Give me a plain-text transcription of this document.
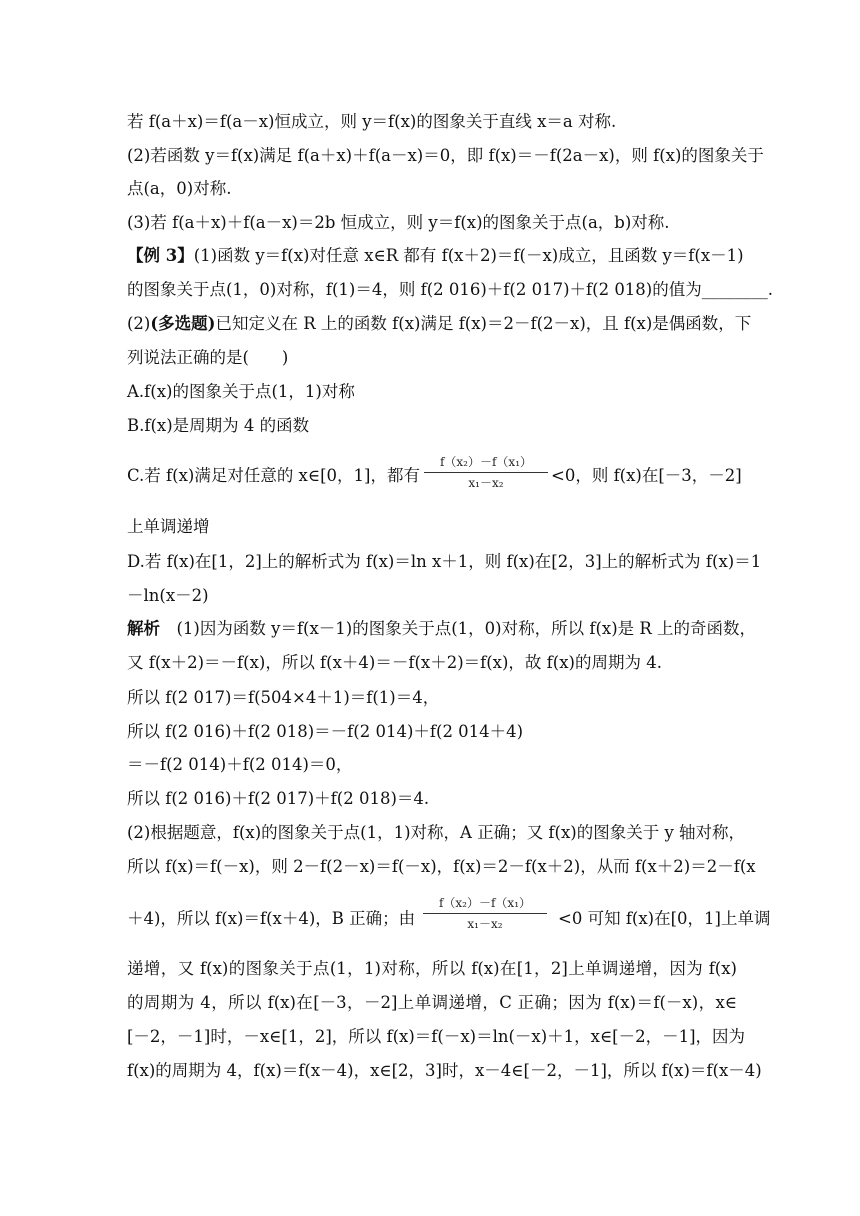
若 f(a＋x)＝f(a－x)恒成立，则 y＝f(x)的图象关于直线 x＝a 对称.

(2)若函数 y＝f(x)满足 f(a＋x)＋f(a－x)＝0，即 f(x)＝－f(2a－x)，则 f(x)的图象关于

点(a，0)对称.

(3)若 f(a＋x)＋f(a－x)＝2b 恒成立，则 y＝f(x)的图象关于点(a，b)对称.

【例 3】(1)函数 y＝f(x)对任意 x∈R 都有 f(x＋2)＝f(－x)成立，且函数 y＝f(x－1)

的图象关于点(1，0)对称，f(1)＝4，则 f(2 016)＋f(2 017)＋f(2 018)的值为________.

(2)(多选题)已知定义在 R 上的函数 f(x)满足 f(x)＝2－f(2－x)，且 f(x)是偶函数，下

列说法正确的是(　　)

A.f(x)的图象关于点(1，1)对称

B.f(x)是周期为 4 的函数

C.若 f(x)满足对任意的 x∈[0，1]，都有

f（x₂）－f（x₁）
x₁－x₂	<0，则 f(x)在[－3，－2]

上单调递增

D.若 f(x)在[1，2]上的解析式为 f(x)＝ln x＋1，则 f(x)在[2，3]上的解析式为 f(x)＝1

－ln(x－2)

解析　 (1)因为函数 y＝f(x－1)的图象关于点(1，0)对称，所以 f(x)是 R 上的奇函数，

又 f(x＋2)＝－f(x)，所以 f(x＋4)＝－f(x＋2)＝f(x)，故 f(x)的周期为 4.

所以 f(2 017)＝f(504×4＋1)＝f(1)＝4，

所以 f(2 016)＋f(2 018)＝－f(2 014)＋f(2 014＋4)

＝－f(2 014)＋f(2 014)＝0，

所以 f(2 016)＋f(2 017)＋f(2 018)＝4.

(2)根据题意，f(x)的图象关于点(1，1)对称，A 正确；又 f(x)的图象关于 y 轴对称，

所以 f(x)＝f(－x)，则 2－f(2－x)＝f(－x)，f(x)＝2－f(x＋2)，从而 f(x＋2)＝2－f(x

＋4)，所以 f(x)＝f(x＋4)，B 正确；由

f（x₂）－f（x₁）
x₁－x₂	<0 可知 f(x)在[0，1]上单调

递增，又 f(x)的图象关于点(1，1)对称，所以 f(x)在[1，2]上单调递增，因为 f(x)

的周期为 4，所以 f(x)在[－3，－2]上单调递增，C 正确；因为 f(x)＝f(－x)，x∈

[－2，－1]时，－x∈[1，2]，所以 f(x)＝f(－x)＝ln(－x)＋1，x∈[－2，－1]，因为

f(x)的周期为 4，f(x)＝f(x－4)，x∈[2，3]时，x－4∈[－2，－1]，所以 f(x)＝f(x－4)
